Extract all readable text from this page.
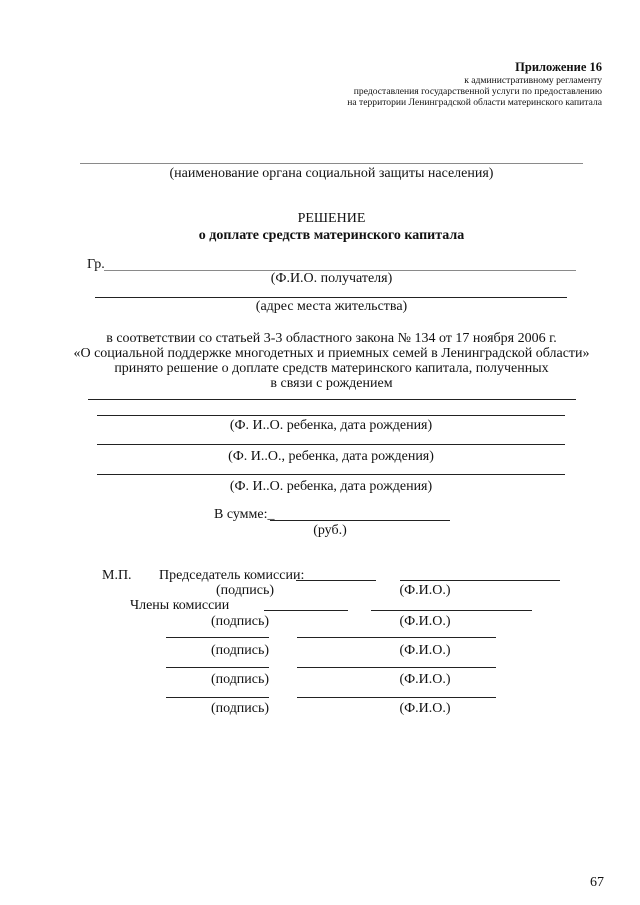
Приложение 16
к административному регламенту
предоставления государственной услуги по предоставлению
на территории Ленинградской области материнского капитала
(наименование органа социальной защиты населения)
РЕШЕНИЕ
о доплате средств материнского капитала
Гр.
(Ф.И.О. получателя)
(адрес места жительства)
в соответствии со статьей 3-3 областного закона № 134 от 17 ноября 2006 г.
«О социальной поддержке многодетных и приемных семей в Ленинградской области»
принято решение о доплате средств материнского капитала, полученных
в связи с рождением
(Ф. И..О. ребенка, дата рождения)
(Ф. И..О., ребенка, дата рождения)
(Ф. И..О. ребенка, дата рождения)
В сумме:_
(руб.)
М.П. Председатель комиссии:
(подпись)	(Ф.И.О.)
Члены комиссии
(подпись)	(Ф.И.О.)
(подпись)	(Ф.И.О.)
(подпись)	(Ф.И.О.)
(подпись)	(Ф.И.О.)
67
